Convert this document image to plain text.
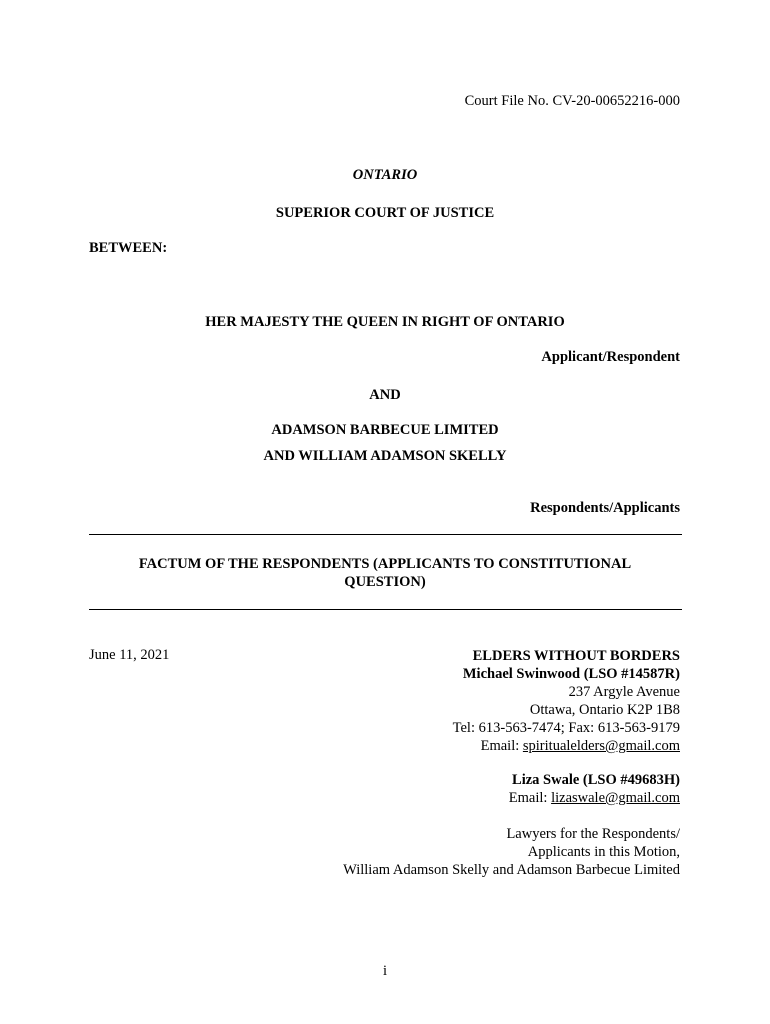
Court File No. CV-20-00652216-000
ONTARIO
SUPERIOR COURT OF JUSTICE
BETWEEN:
HER MAJESTY THE QUEEN IN RIGHT OF ONTARIO
Applicant/Respondent
AND
ADAMSON BARBECUE LIMITED
AND WILLIAM ADAMSON SKELLY
Respondents/Applicants
FACTUM OF THE RESPONDENTS (APPLICANTS TO CONSTITUTIONAL
QUESTION)
June 11, 2021	ELDERS WITHOUT BORDERS
Michael Swinwood (LSO #14587R)
237 Argyle Avenue
Ottawa, Ontario K2P 1B8
Tel: 613-563-7474; Fax: 613-563-9179
Email: spiritualelders@gmail.com
Liza Swale (LSO #49683H)
Email: lizaswale@gmail.com
Lawyers for the Respondents/
Applicants in this Motion,
William Adamson Skelly and Adamson Barbecue Limited
i
